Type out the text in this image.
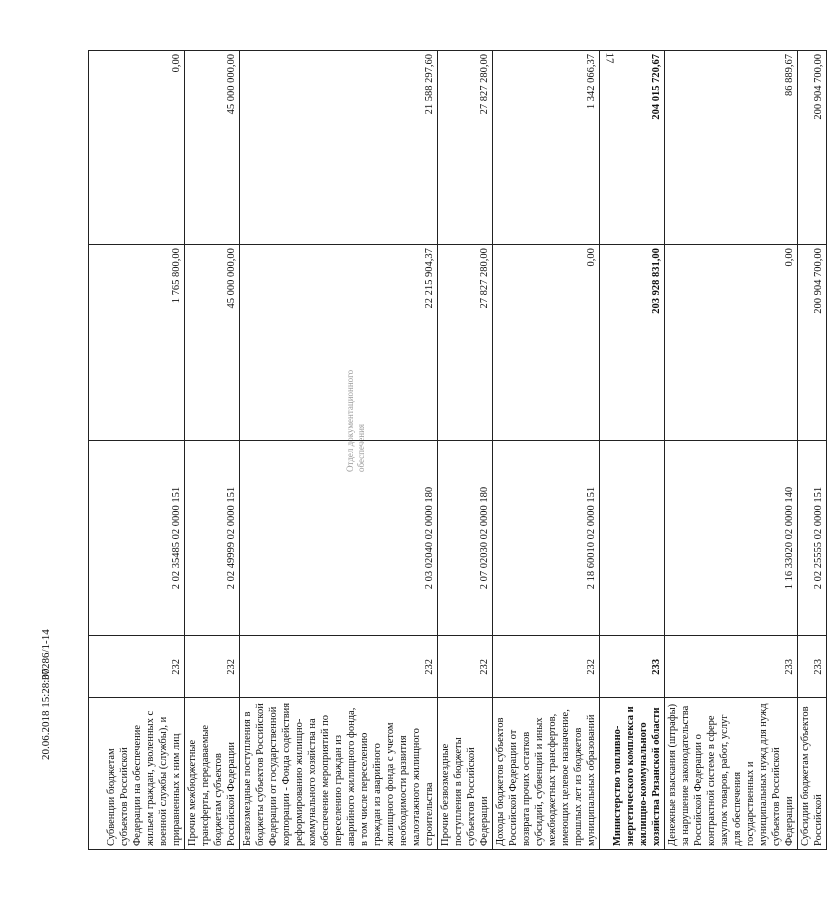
17
20.06.2018 15:28:00
37286/1-14
Отдел документационного обеспечения
Субвенции бюджетам субъектов Российской Федерации на обеспечение жильем граждан, уволенных с военной службы (службы), и приравненных к ним лиц	232	2 02 35485 02 0000 151	1 765 800,00	0,00
Прочие межбюджетные трансферты, передаваемые бюджетам субъектов Российской Федерации	232	2 02 49999 02 0000 151	45 000 000,00	45 000 000,00
Безвозмездные поступления в бюджеты субъектов Российской Федерации от государственной корпорации - Фонда содействия реформированию жилищно-коммунального хозяйства на обеспечение мероприятий по переселению граждан из аварийного жилищного фонда, в том числе переселению граждан из аварийного жилищного фонда с учетом необходимости развития малоэтажного жилищного строительства	232	2 03 02040 02 0000 180	22 215 904,37	21 588 297,60
Прочие безвозмездные поступления в бюджеты субъектов Российской Федерации	232	2 07 02030 02 0000 180	27 827 280,00	27 827 280,00
Доходы бюджетов субъектов Российской Федерации от возврата прочих остатков субсидий, субвенций и иных межбюджетных трансфертов, имеющих целевое назначение, прошлых лет из бюджетов муниципальных образований	232	2 18 60010 02 0000 151	0,00	1 342 066,37
Министерство топливно-энергетического комплекса и жилищно-коммунального хозяйства Рязанской области	233		203 928 831,00	204 015 720,67
Денежные взыскания (штрафы) за нарушение законодательства Российской Федерации о контрактной системе в сфере закупок товаров, работ, услуг для обеспечения государственных и муниципальных нужд для нужд субъектов Российской Федерации	233	1 16 33020 02 0000 140	0,00	86 889,67
Субсидии бюджетам субъектов Российской	233	2 02 25555 02 0000 151	200 904 700,00	200 904 700,00
